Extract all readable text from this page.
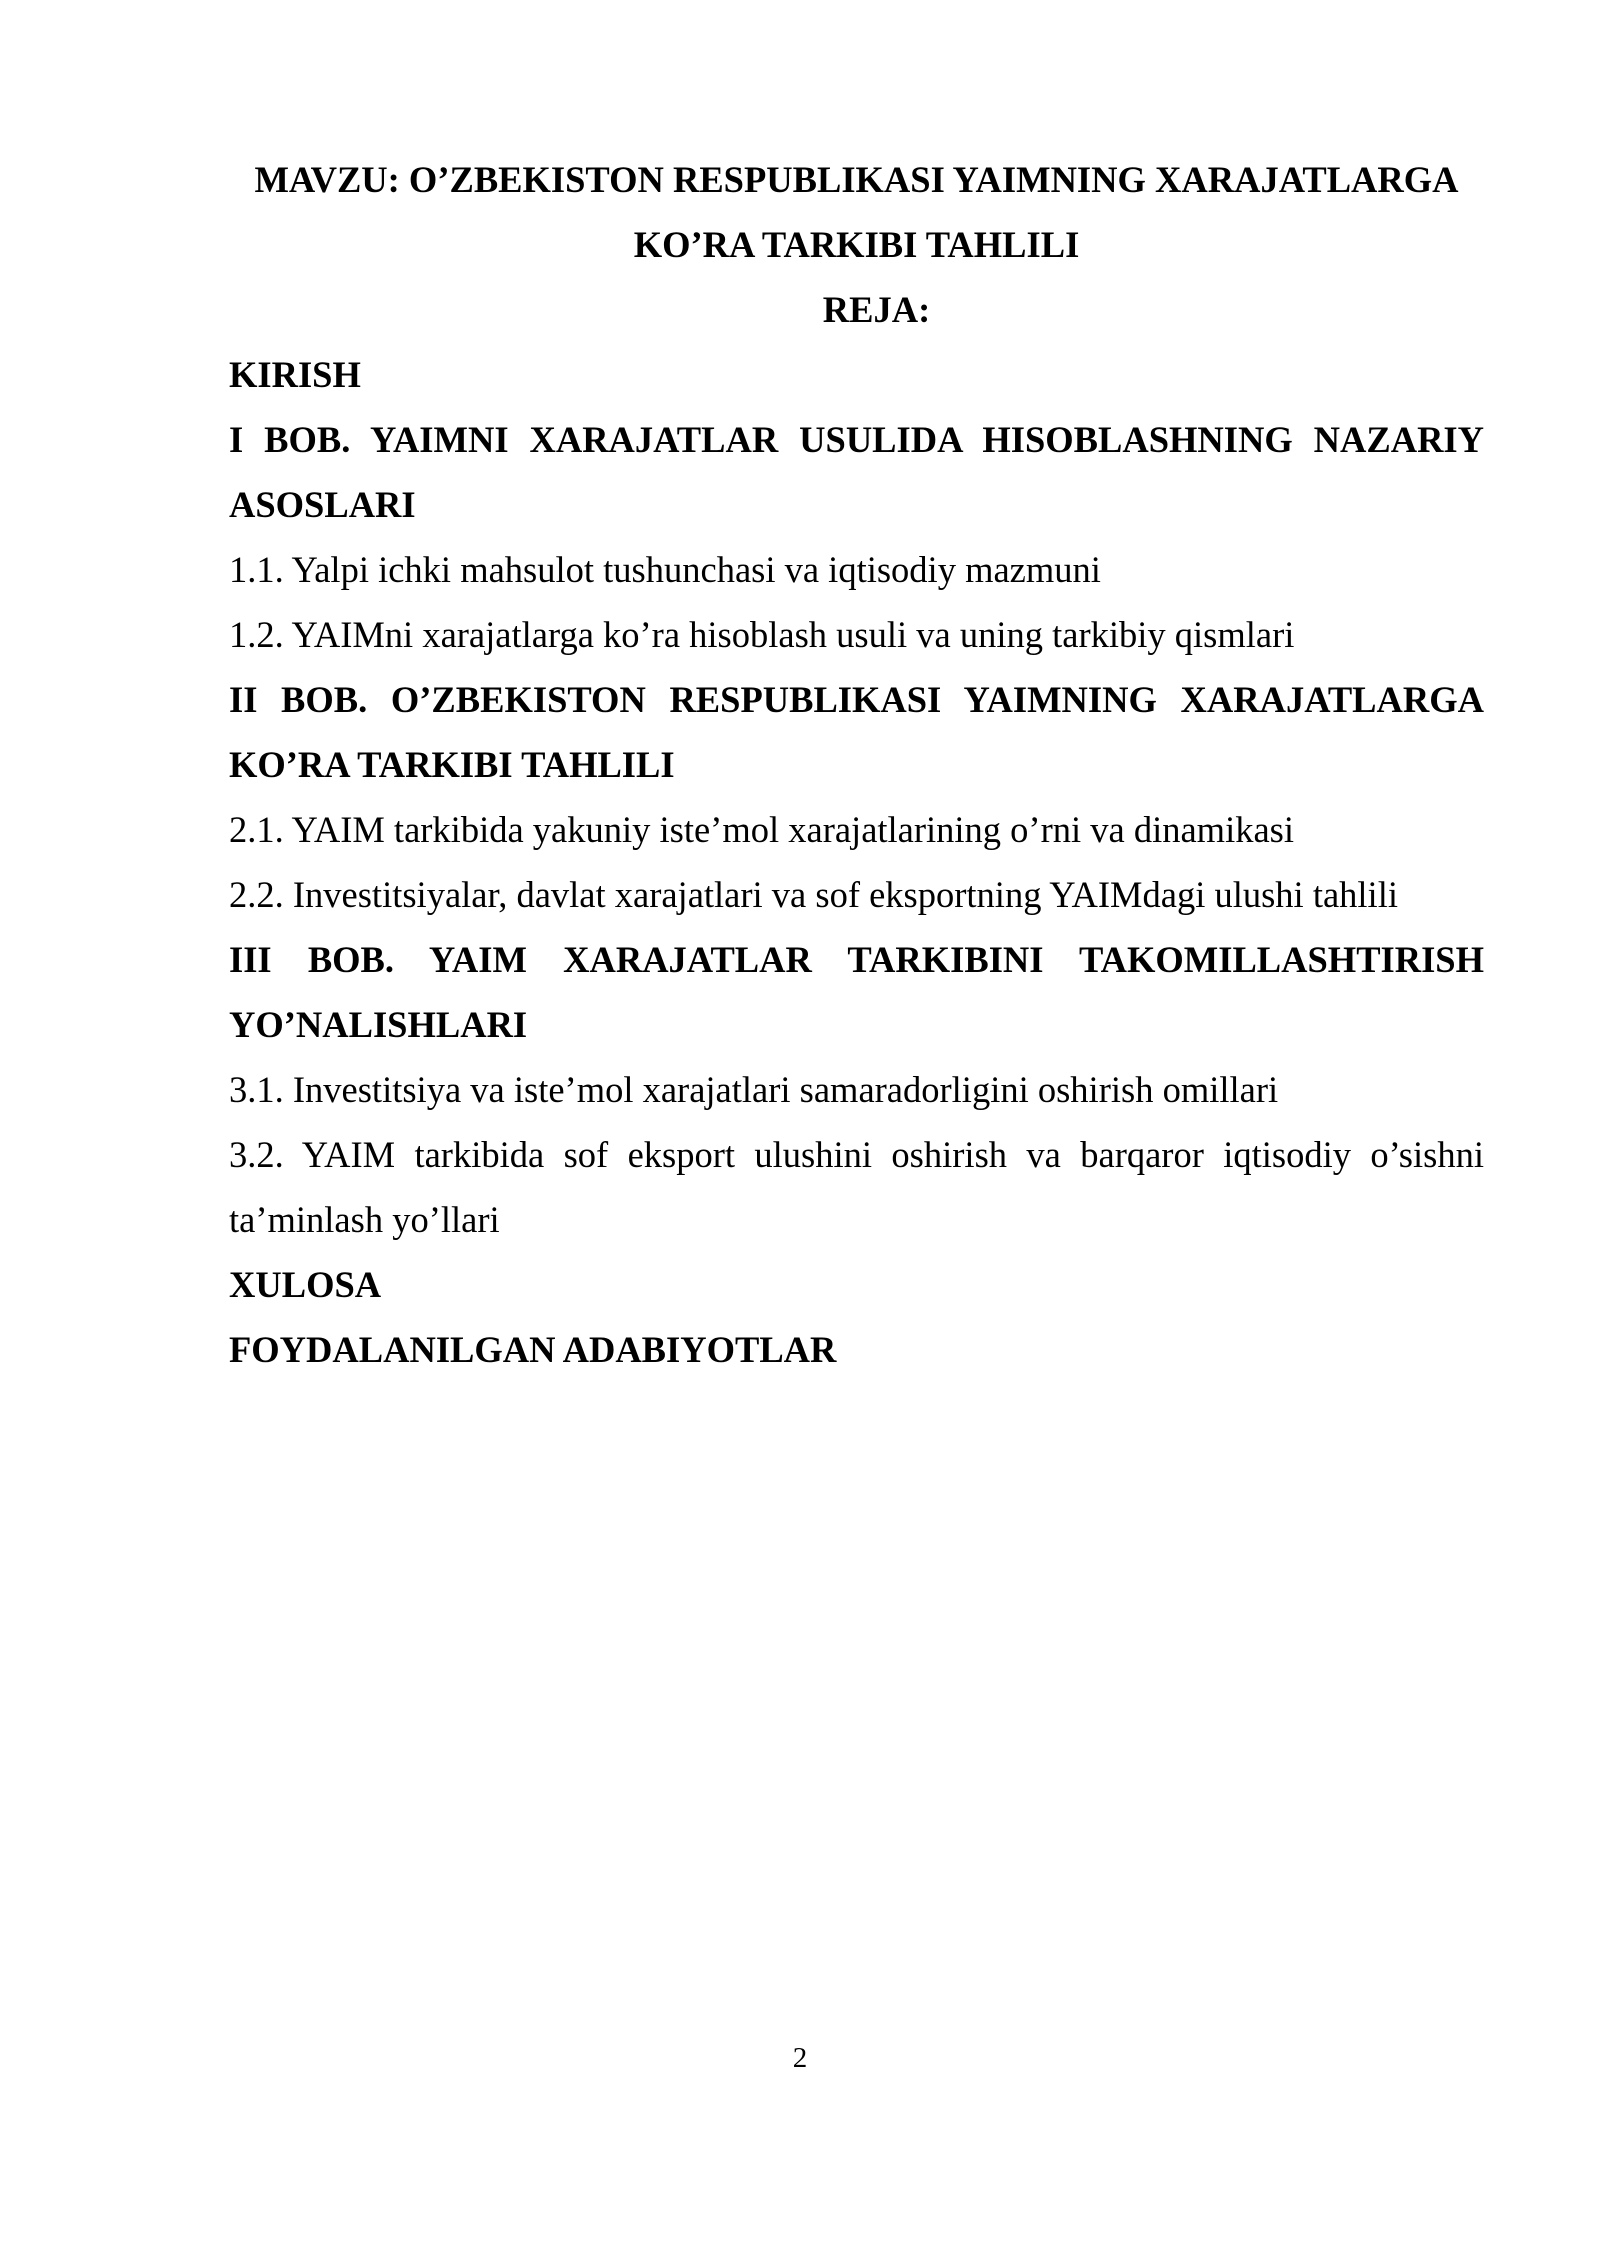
MAVZU: O’ZBEKISTON RESPUBLIKASI YAIMNING XARAJATLARGA
KO’RA TARKIBI TAHLILI
REJA:
KIRISH
I BOB. YAIMNI XARAJATLAR USULIDA HISOBLASHNING NAZARIY
ASOSLARI
1.1. Yalpi ichki mahsulot tushunchasi va iqtisodiy mazmuni
1.2. YAIMni xarajatlarga ko’ra hisoblash usuli va uning tarkibiy qismlari
II BOB. O’ZBEKISTON RESPUBLIKASI YAIMNING XARAJATLARGA
KO’RA TARKIBI TAHLILI
2.1. YAIM tarkibida yakuniy iste’mol xarajatlarining o’rni va dinamikasi
2.2. Investitsiyalar, davlat xarajatlari va sof eksportning YAIMdagi ulushi tahlili
III BOB. YAIM XARAJATLAR TARKIBINI TAKOMILLASHTIRISH
YO’NALISHLARI
3.1. Investitsiya va iste’mol xarajatlari samaradorligini oshirish omillari
3.2. YAIM tarkibida sof eksport ulushini oshirish va barqaror iqtisodiy o’sishni
ta’minlash yo’llari
XULOSA
FOYDALANILGAN ADABIYOTLAR
2
